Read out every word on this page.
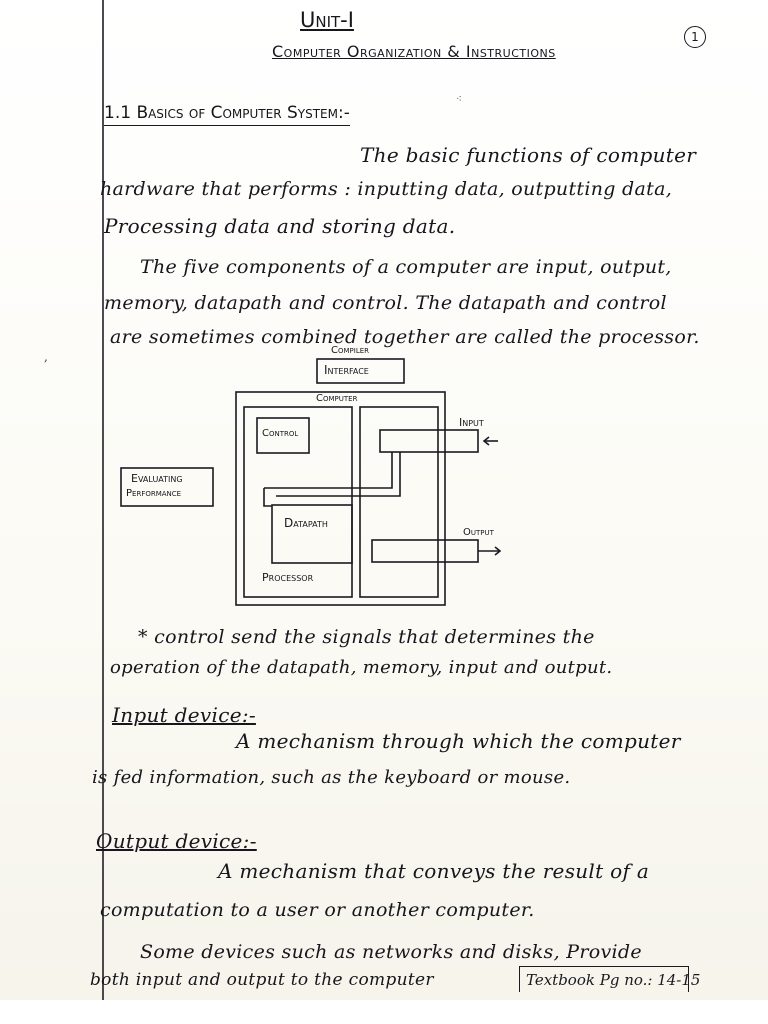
Unit-I
1
Computer Organization & Instructions
1.1 Basics of Computer System:-
⁖
The basic functions of computer
hardware that performs : inputting data, outputting data,
Processing data and storing data.
The five components of a computer are input, output,
memory, datapath and control. The datapath and control
are sometimes combined together are called the processor.
,	Compiler
Interface
Computer
Control
Input
Evaluating
Performance
Datapath
Output
Processor
* control send the signals that determines the
operation of the datapath, memory, input and output.
Input device:-
A mechanism through which the computer
is fed information, such as the keyboard or mouse.
Output device:-
A mechanism that conveys the result of a
computation to a user or another computer.
Some devices such as networks and disks, Provide
both input and output to the computer	Textbook Pg no.: 14-15
